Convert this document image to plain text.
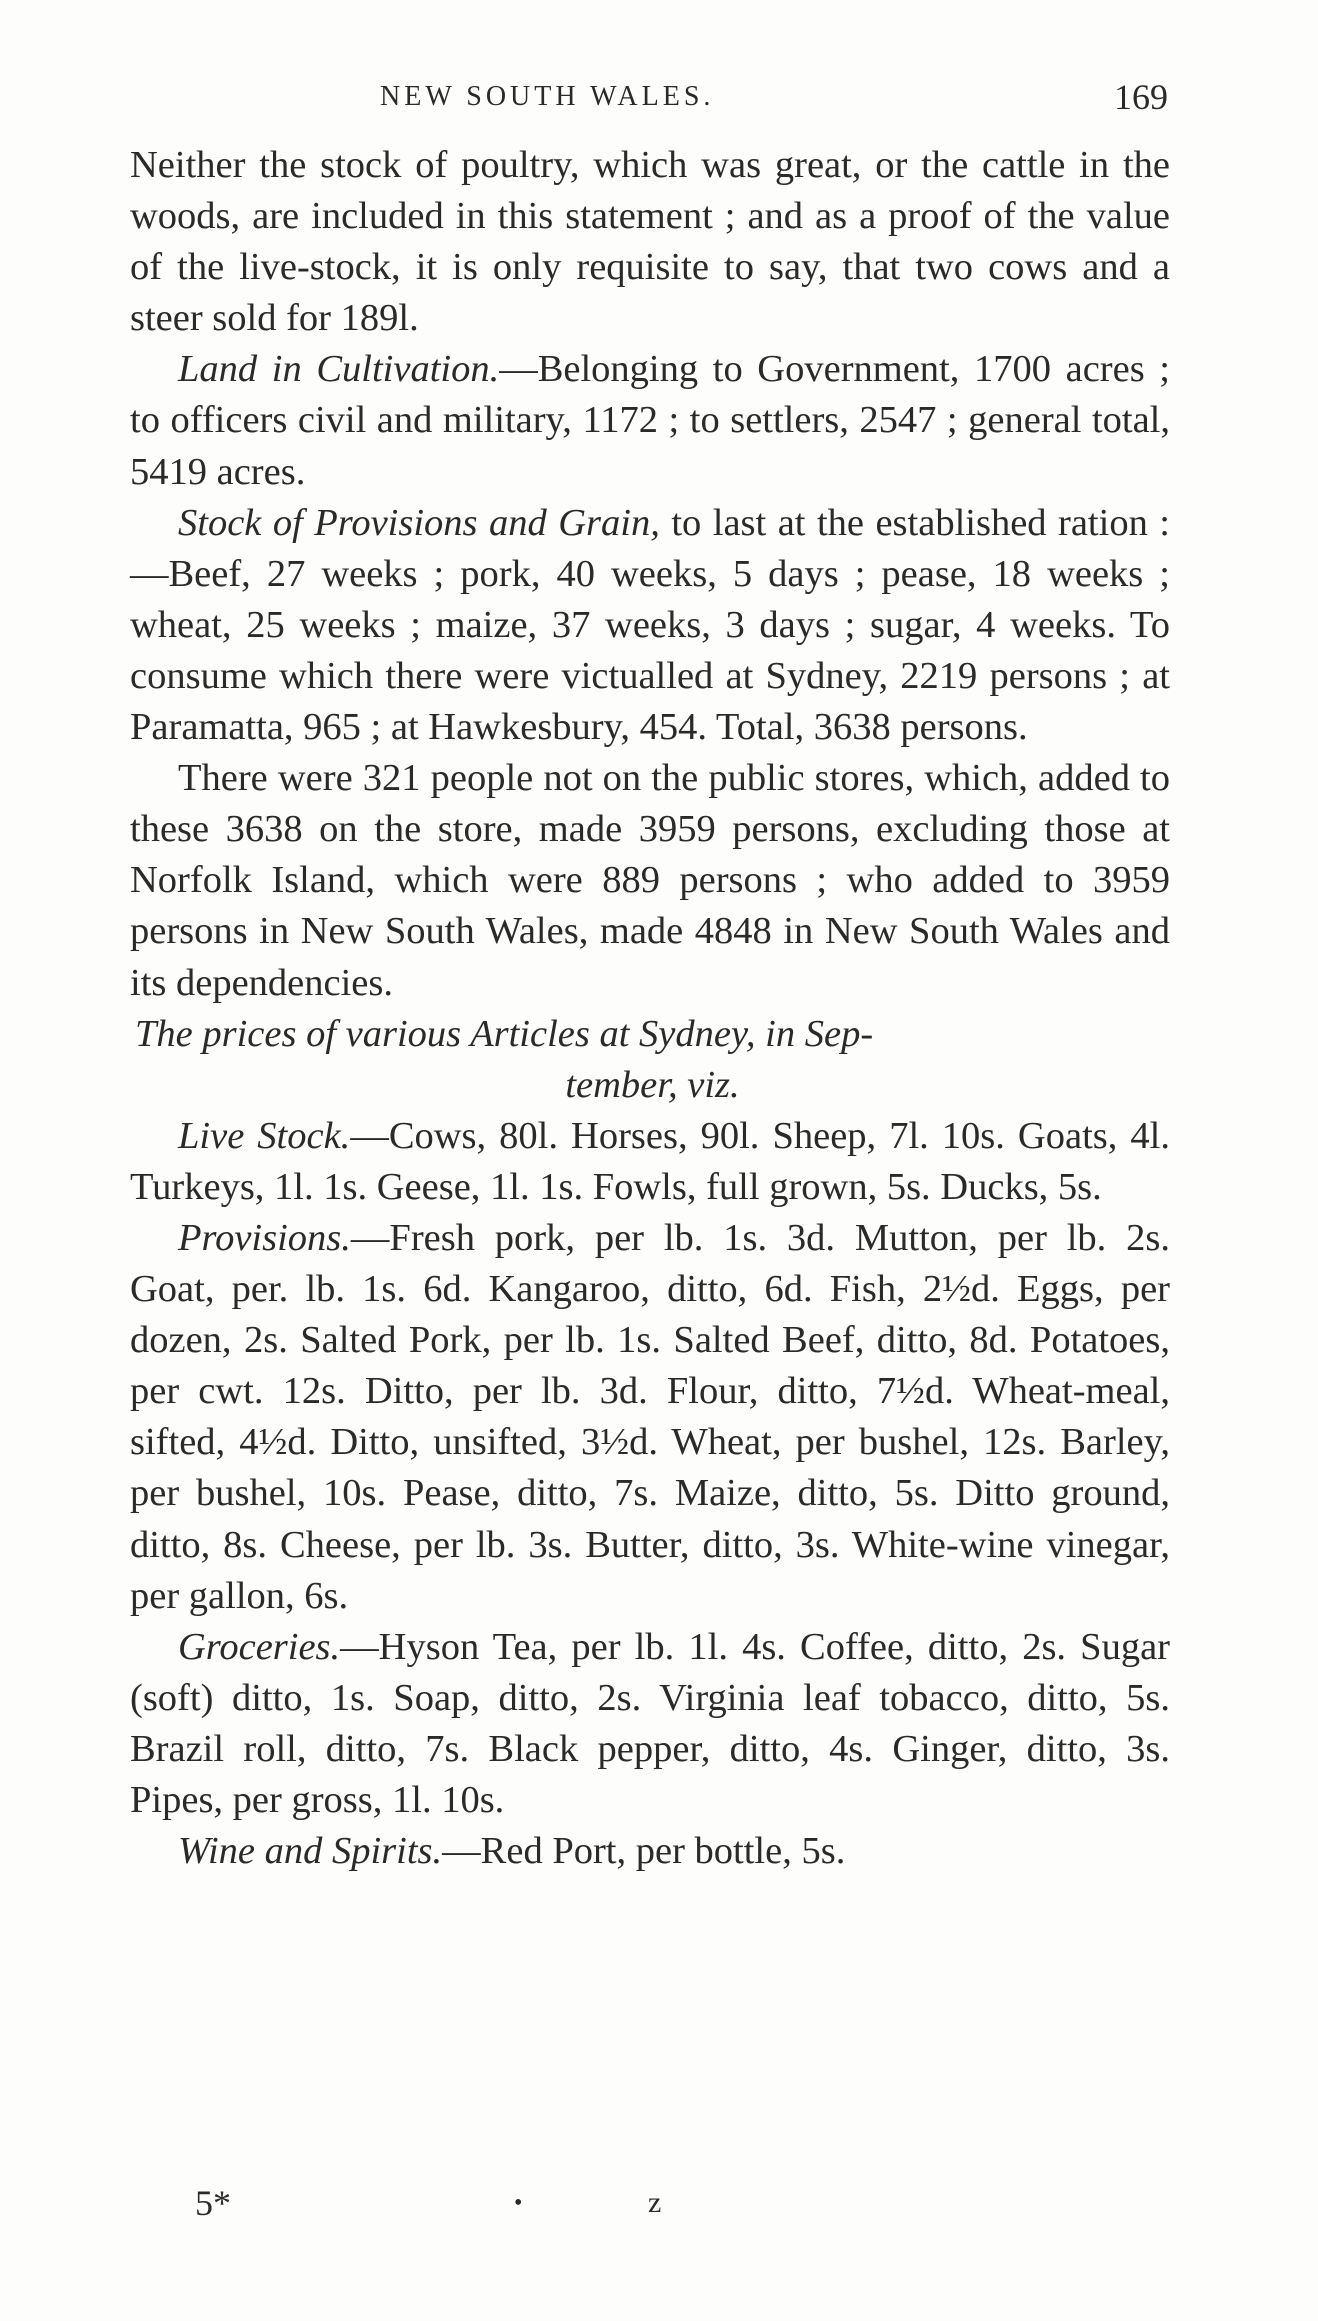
NEW SOUTH WALES.	169

Neither the stock of poultry, which was great, or the cattle in the woods, are included in this statement ; and as a proof of the value of the live-stock, it is only requisite to say, that two cows and a steer sold for 189l.

Land in Cultivation.—Belonging to Government, 1700 acres ; to officers civil and military, 1172 ; to settlers, 2547 ; general total, 5419 acres.

Stock of Provisions and Grain, to last at the established ration :—Beef, 27 weeks ; pork, 40 weeks, 5 days ; pease, 18 weeks ; wheat, 25 weeks ; maize, 37 weeks, 3 days ; sugar, 4 weeks. To consume which there were victualled at Sydney, 2219 persons ; at Paramatta, 965 ; at Hawkesbury, 454. Total, 3638 persons.

There were 321 people not on the public stores, which, added to these 3638 on the store, made 3959 persons, excluding those at Norfolk Island, which were 889 persons ; who added to 3959 persons in New South Wales, made 4848 in New South Wales and its dependencies.

The prices of various Articles at Sydney, in Sep-
tember, viz.

Live Stock.—Cows, 80l. Horses, 90l. Sheep, 7l. 10s. Goats, 4l. Turkeys, 1l. 1s. Geese, 1l. 1s. Fowls, full grown, 5s. Ducks, 5s.

Provisions.—Fresh pork, per lb. 1s. 3d. Mutton, per lb. 2s. Goat, per. lb. 1s. 6d. Kangaroo, ditto, 6d. Fish, 2½d. Eggs, per dozen, 2s. Salted Pork, per lb. 1s. Salted Beef, ditto, 8d. Potatoes, per cwt. 12s. Ditto, per lb. 3d. Flour, ditto, 7½d. Wheat-meal, sifted, 4½d. Ditto, unsifted, 3½d. Wheat, per bushel, 12s. Barley, per bushel, 10s. Pease, ditto, 7s. Maize, ditto, 5s. Ditto ground, ditto, 8s. Cheese, per lb. 3s. Butter, ditto, 3s. White-wine vinegar, per gallon, 6s.

Groceries.—Hyson Tea, per lb. 1l. 4s. Coffee, ditto, 2s. Sugar (soft) ditto, 1s. Soap, ditto, 2s. Virginia leaf tobacco, ditto, 5s. Brazil roll, ditto, 7s. Black pepper, ditto, 4s. Ginger, ditto, 3s. Pipes, per gross, 1l. 10s.

Wine and Spirits.—Red Port, per bottle, 5s.

5*	•	z
